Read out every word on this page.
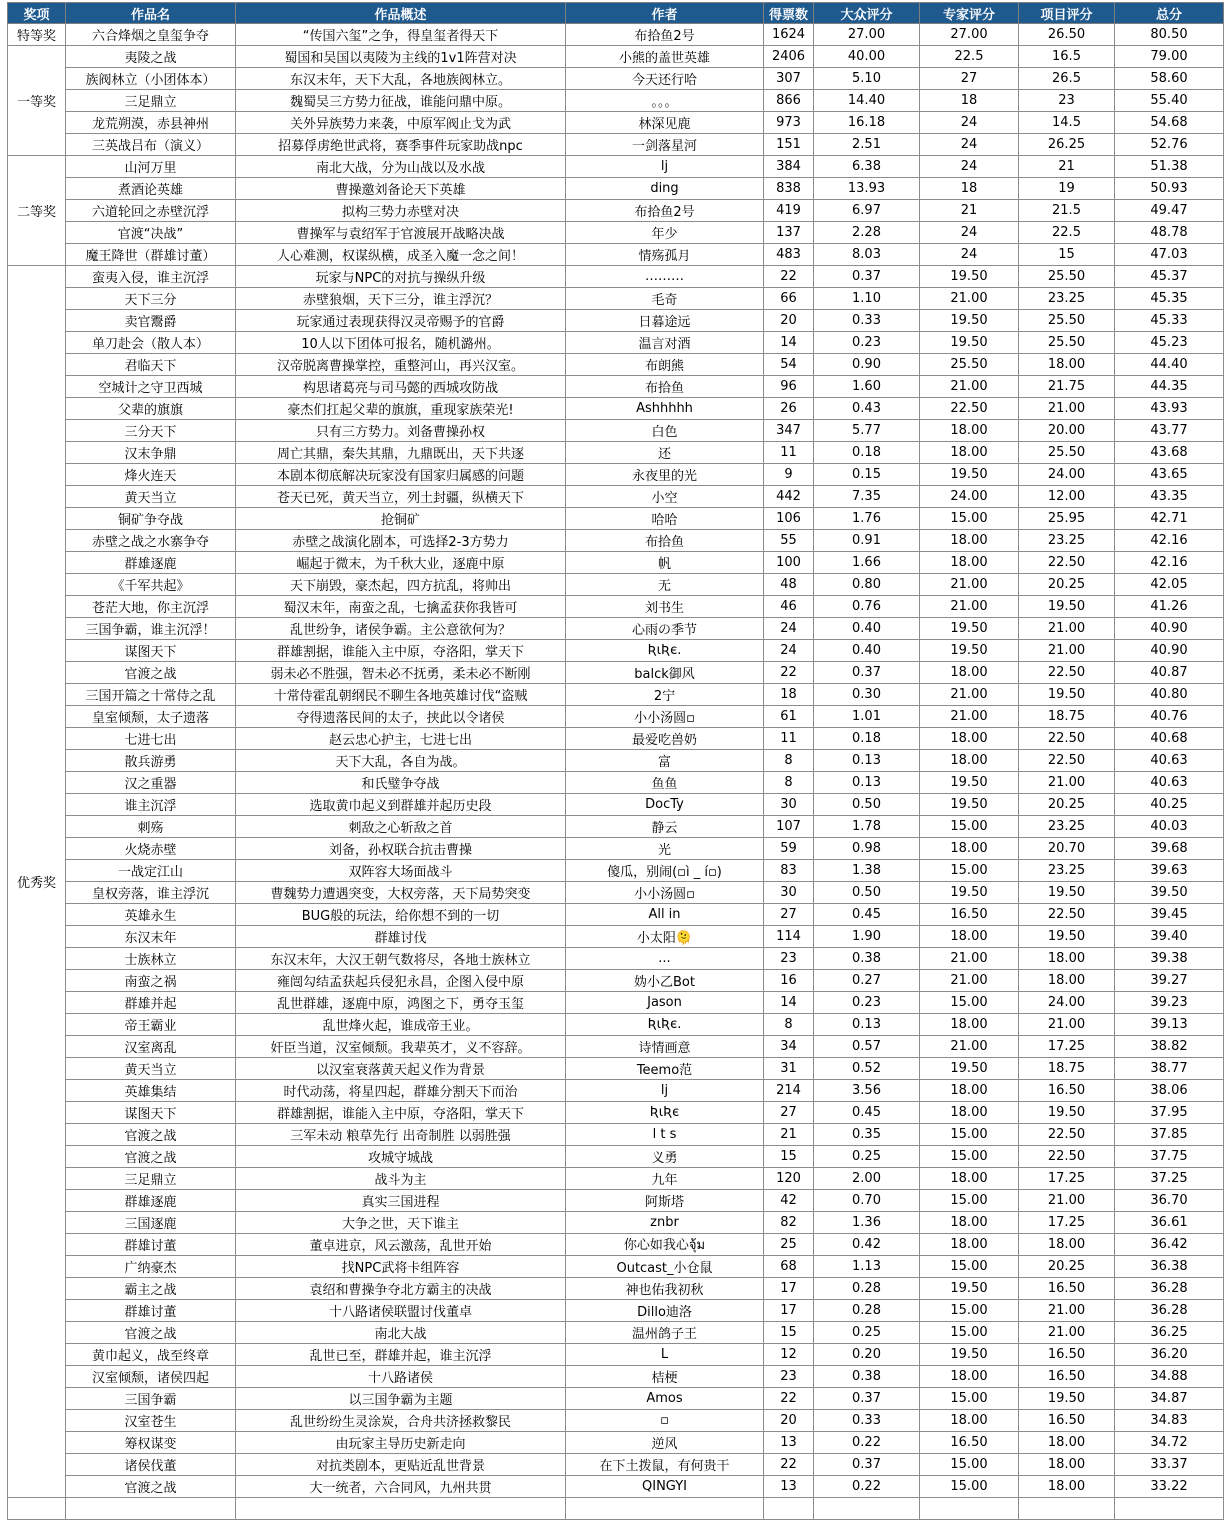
奖项	作品名	作品概述	作者	得票数	大众评分	专家评分	项目评分	总分
特等奖	六合烽烟之皇玺争夺	“传国六玺”之争，得皇玺者得天下	布拾鱼2号	1624	27.00	27.00	26.50	80.50
一等奖	夷陵之战	蜀国和吴国以夷陵为主线的1v1阵营对决	小熊的盖世英雄	2406	40.00	22.5	16.5	79.00
	族阀林立（小团体本）	东汉末年，天下大乱，各地族阀林立。	今天还行哈	307	5.10	27	26.5	58.60
	三足鼎立	魏蜀吴三方势力征战，谁能问鼎中原。	。。。	866	14.40	18	23	55.40
	龙荒朔漠，赤县神州	关外异族势力来袭，中原军阀止戈为武	林深见鹿	973	16.18	24	14.5	54.68
	三英战吕布（演义）	招募俘虏绝世武将，赛季事件玩家助战npc	一剑落星河	151	2.51	24	26.25	52.76
二等奖	山河万里	南北大战，分为山战以及水战	lj	384	6.38	24	21	51.38
	煮酒论英雄	曹操邀刘备论天下英雄	ding	838	13.93	18	19	50.93
	六道轮回之赤壁沉浮	拟构三势力赤壁对决	布拾鱼2号	419	6.97	21	21.5	49.47
	官渡“决战”	曹操军与袁绍军于官渡展开战略决战	年少	137	2.28	24	22.5	48.78
	魔王降世（群雄讨董）	人心难测，权谋纵横，成圣入魔一念之间！	情殇孤月	483	8.03	24	15	47.03
优秀奖	蛮夷入侵，谁主沉浮	玩家与NPC的对抗与操纵升级	………	22	0.37	19.50	25.50	45.37
	天下三分	赤壁狼烟，天下三分，谁主浮沉？	毛奇	66	1.10	21.00	23.25	45.35
	卖官鬻爵	玩家通过表现获得汉灵帝赐予的官爵	日暮途远	20	0.33	19.50	25.50	45.33
	单刀赴会（散人本）	10人以下团体可报名，随机潞州。	温言对酒	14	0.23	19.50	25.50	45.23
	君临天下	汉帝脱离曹操掌控，重整河山，再兴汉室。	布朗熊	54	0.90	25.50	18.00	44.40
	空城计之守卫西城	构思诸葛亮与司马懿的西城攻防战	布拾鱼	96	1.60	21.00	21.75	44.35
	父辈的旗旗	豪杰们扛起父辈的旗旗，重现家族荣光!	Ashhhhh	26	0.43	22.50	21.00	43.93
	三分天下	只有三方势力。刘备曹操孙权	白色	347	5.77	18.00	20.00	43.77
	汉末争鼎	周亡其鼎，秦失其鼎，九鼎既出，天下共逐	还	11	0.18	18.00	25.50	43.68
	烽火连天	本剧本彻底解决玩家没有国家归属感的问题	永夜里的光	9	0.15	19.50	24.00	43.65
	黄天当立	苍天已死，黄天当立，列土封疆，纵横天下	小空	442	7.35	24.00	12.00	43.35
	铜矿争夺战	抢铜矿	哈哈	106	1.76	15.00	25.95	42.71
	赤壁之战之水寨争夺	赤壁之战演化剧本，可选择2-3方势力	布拾鱼	55	0.91	18.00	23.25	42.16
	群雄逐鹿	崛起于微末，为千秋大业，逐鹿中原	帆	100	1.66	18.00	22.50	42.16
	《千军共起》	天下崩毁，豪杰起，四方抗乱，将帅出	无	48	0.80	21.00	20.25	42.05
	苍茫大地，你主沉浮	蜀汉末年，南蛮之乱，七擒孟获你我皆可	刘书生	46	0.76	21.00	19.50	41.26
	三国争霸，谁主沉浮！	乱世纷争，诸侯争霸。主公意欲何为？	心雨の季节	24	0.40	19.50	21.00	40.90
	谋图天下	群雄割据，谁能入主中原，夺洛阳，掌天下	ƦιƦє.	24	0.40	19.50	21.00	40.90
	官渡之战	弱未必不胜强，智未必不抚勇，柔未必不断刚	balck御风	22	0.37	18.00	22.50	40.87
	三国开篇之十常侍之乱	十常侍霍乱朝纲民不聊生各地英雄讨伐“盗贼	2宁	18	0.30	21.00	19.50	40.80
	皇室倾颓，太子遗落	夺得遗落民间的太子，挟此以令诸侯	小小汤圆▫	61	1.01	21.00	18.75	40.76
	七进七出	赵云忠心护主，七进七出	最爱吃兽奶	11	0.18	18.00	22.50	40.68
	散兵游勇	天下大乱，各自为战。	富	8	0.13	18.00	22.50	40.63
	汉之重器	和氏璧争夺战	鱼鱼	8	0.13	19.50	21.00	40.63
	谁主沉浮	选取黄巾起义到群雄并起历史段	DocTy	30	0.50	19.50	20.25	40.25
	刺殇	刺敌之心斩敌之首	静云	107	1.78	15.00	23.25	40.03
	火烧赤壁	刘备，孙权联合抗击曹操	光	59	0.98	18.00	20.70	39.68
	一战定江山	双阵容大场面战斗	傻瓜，别闹(▫ì _ í▫)	83	1.38	15.00	23.25	39.63
	皇权旁落，谁主浮沉	曹魏势力遭遇突变，大权旁落，天下局势突变	小小汤圆▫	30	0.50	19.50	19.50	39.50
	英雄永生	BUG般的玩法，给你想不到的一切	All in	27	0.45	16.50	22.50	39.45
	东汉末年	群雄讨伐	小太阳🫠	114	1.90	18.00	19.50	39.40
	士族林立	东汉末年，大汉王朝气数将尽，各地士族林立	...	23	0.38	21.00	18.00	39.38
	南蛮之祸	雍闿勾结孟获起兵侵犯永昌，企图入侵中原	妫小乙Bot	16	0.27	21.00	18.00	39.27
	群雄并起	乱世群雄，逐鹿中原，鸿图之下，勇夺玉玺	Jason	14	0.23	15.00	24.00	39.23
	帝王霸业	乱世烽火起，谁成帝王业。	ƦιƦє.	8	0.13	18.00	21.00	39.13
	汉室离乱	奸臣当道，汉室倾颓。我辈英才，义不容辞。	诗情画意	34	0.57	21.00	17.25	38.82
	黄天当立	以汉室衰落黄天起义作为背景	Teemo范	31	0.52	19.50	18.75	38.77
	英雄集结	时代动荡，将星四起，群雄分割天下而治	lj	214	3.56	18.00	16.50	38.06
	谋图天下	群雄割据，谁能入主中原，夺洛阳，掌天下	ƦιƦє	27	0.45	18.00	19.50	37.95
	官渡之战	三军未动 粮草先行 出奇制胜 以弱胜强	l t s	21	0.35	15.00	22.50	37.85
	官渡之战	攻城守城战	义勇	15	0.25	15.00	22.50	37.75
	三足鼎立	战斗为主	九年	120	2.00	18.00	17.25	37.25
	群雄逐鹿	真实三国进程	阿斯塔	42	0.70	15.00	21.00	36.70
	三国逐鹿	大争之世，天下谁主	znbr	82	1.36	18.00	17.25	36.61
	群雄讨董	董卓进京，风云激荡，乱世开始	你心如我心จุ้ม	25	0.42	18.00	18.00	36.42
	广纳豪杰	找NPC武将卡组阵容	Outcast_小仓鼠	68	1.13	15.00	20.25	36.38
	霸主之战	袁绍和曹操争夺北方霸主的决战	神也佑我初秋	17	0.28	19.50	16.50	36.28
	群雄讨董	十八路诸侯联盟讨伐董卓	Dillo迪洛	17	0.28	15.00	21.00	36.28
	官渡之战	南北大战	温州鸽子王	15	0.25	15.00	21.00	36.25
	黄巾起义，战至终章	乱世已至，群雄并起，谁主沉浮	L	12	0.20	19.50	16.50	36.20
	汉室倾颓，诸侯四起	十八路诸侯	桔梗	23	0.38	18.00	16.50	34.88
	三国争霸	以三国争霸为主题	Amos	22	0.37	15.00	19.50	34.87
	汉室苍生	乱世纷纷生灵涂炭，合舟共济拯救黎民	▫	20	0.33	18.00	16.50	34.83
	筹权谋变	由玩家主导历史新走向	逆风	13	0.22	16.50	18.00	34.72
	诸侯伐董	对抗类剧本，更贴近乱世背景	在下土拨鼠，有何贵干	22	0.37	15.00	18.00	33.37
	官渡之战	大一统者，六合同风，九州共贯	QINGYI	13	0.22	15.00	18.00	33.22
